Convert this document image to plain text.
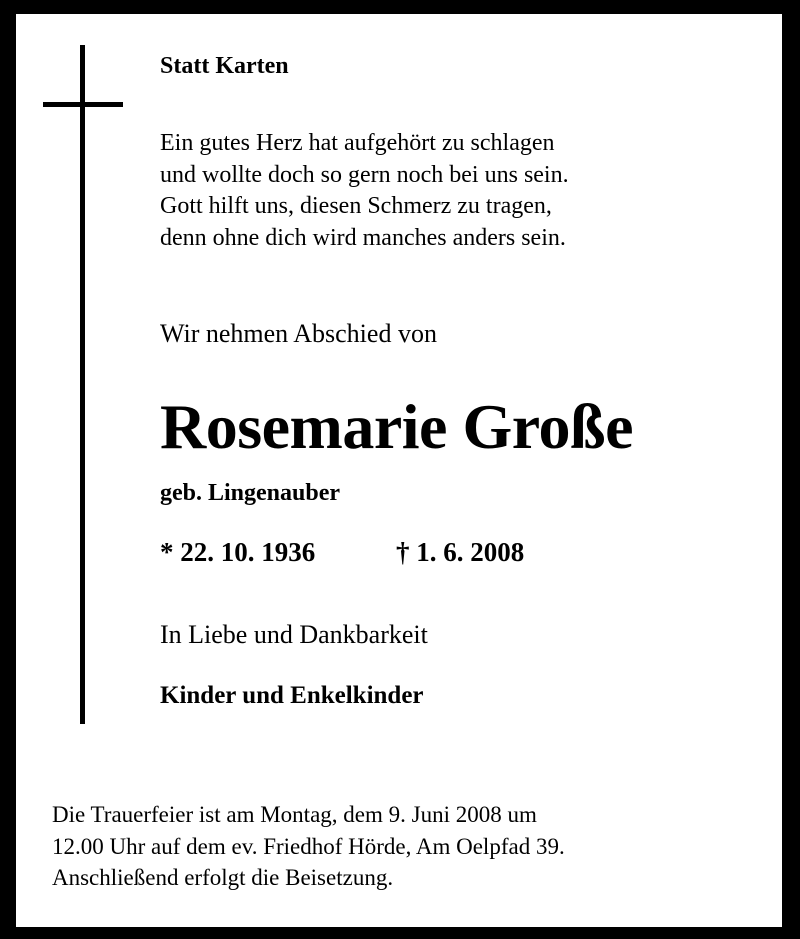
Statt Karten
Ein gutes Herz hat aufgehört zu schlagen
und wollte doch so gern noch bei uns sein.
Gott hilft uns, diesen Schmerz zu tragen,
denn ohne dich wird manches anders sein.
Wir nehmen Abschied von
Rosemarie Große
geb. Lingenauber
* 22. 10. 1936	† 1. 6. 2008
In Liebe und Dankbarkeit
Kinder und Enkelkinder
Die Trauerfeier ist am Montag, dem 9. Juni 2008 um
12.00 Uhr auf dem ev. Friedhof Hörde, Am Oelpfad 39.
Anschließend erfolgt die Beisetzung.
